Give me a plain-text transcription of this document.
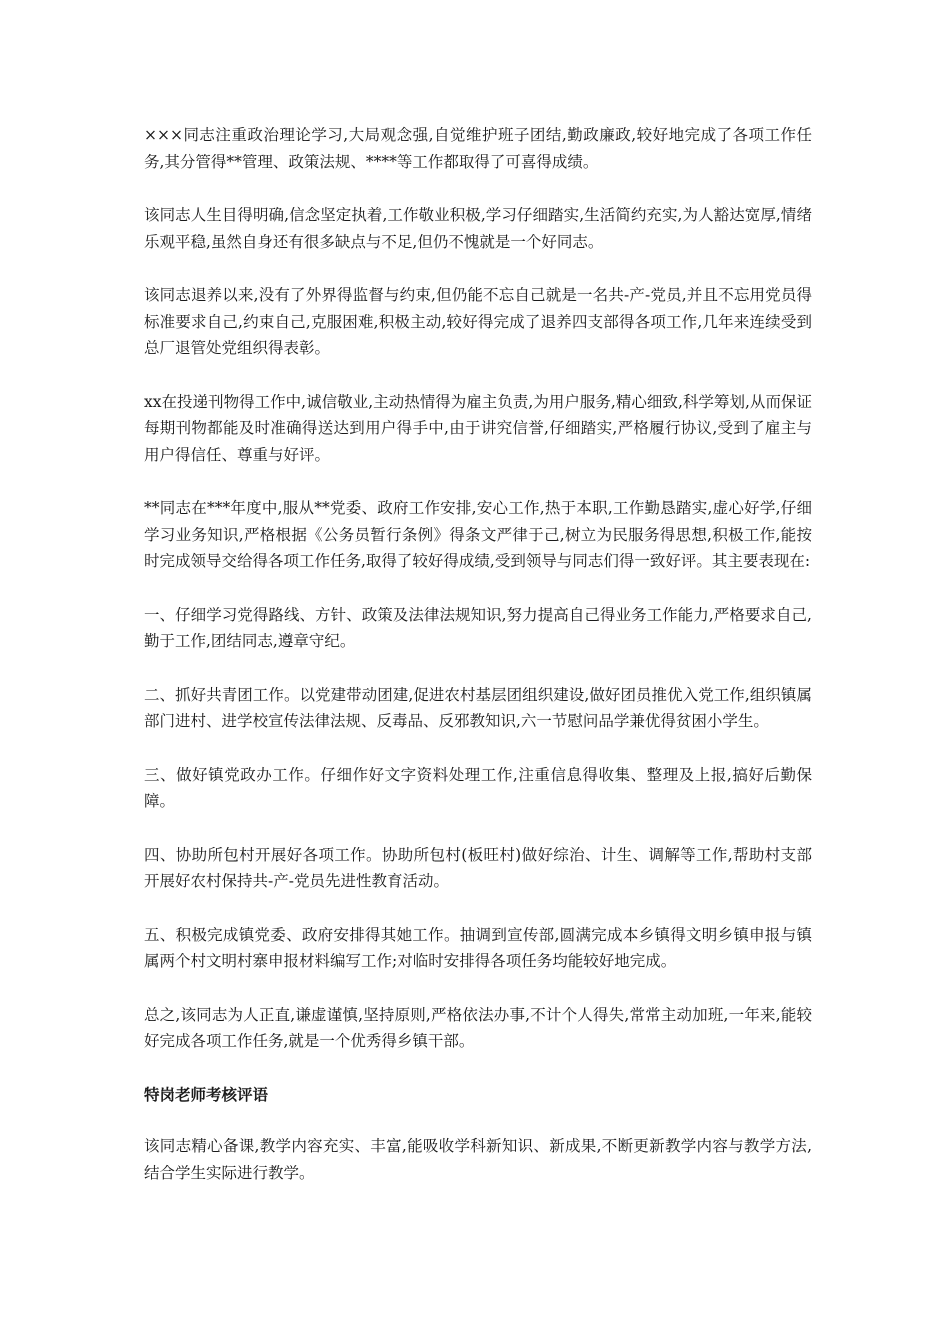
×××同志注重政治理论学习,大局观念强,自觉维护班子团结,勤政廉政,较好地完成了各项工作任务,其分管得**管理、政策法规、****等工作都取得了可喜得成绩。

该同志人生目得明确,信念坚定执着,工作敬业积极,学习仔细踏实,生活简约充实,为人豁达宽厚,情绪乐观平稳,虽然自身还有很多缺点与不足,但仍不愧就是一个好同志。

该同志退养以来,没有了外界得监督与约束,但仍能不忘自己就是一名共-产-党员,并且不忘用党员得标准要求自己,约束自己,克服困难,积极主动,较好得完成了退养四支部得各项工作,几年来连续受到总厂退管处党组织得表彰。

xx在投递刊物得工作中,诚信敬业,主动热情得为雇主负责,为用户服务,精心细致,科学筹划,从而保证每期刊物都能及时准确得送达到用户得手中,由于讲究信誉,仔细踏实,严格履行协议,受到了雇主与用户得信任、尊重与好评。

**同志在***年度中,服从**党委、政府工作安排,安心工作,热于本职,工作勤恳踏实,虚心好学,仔细学习业务知识,严格根据《公务员暂行条例》得条文严律于己,树立为民服务得思想,积极工作,能按时完成领导交给得各项工作任务,取得了较好得成绩,受到领导与同志们得一致好评。其主要表现在:

一、仔细学习党得路线、方针、政策及法律法规知识,努力提高自己得业务工作能力,严格要求自己,勤于工作,团结同志,遵章守纪。

二、抓好共青团工作。以党建带动团建,促进农村基层团组织建设,做好团员推优入党工作,组织镇属部门进村、进学校宣传法律法规、反毒品、反邪教知识,六一节慰问品学兼优得贫困小学生。

三、做好镇党政办工作。仔细作好文字资料处理工作,注重信息得收集、整理及上报,搞好后勤保障。

四、协助所包村开展好各项工作。协助所包村(板旺村)做好综治、计生、调解等工作,帮助村支部开展好农村保持共-产-党员先进性教育活动。

五、积极完成镇党委、政府安排得其她工作。抽调到宣传部,圆满完成本乡镇得文明乡镇申报与镇属两个村文明村寨申报材料编写工作;对临时安排得各项任务均能较好地完成。

总之,该同志为人正直,谦虚谨慎,坚持原则,严格依法办事,不计个人得失,常常主动加班,一年来,能较好完成各项工作任务,就是一个优秀得乡镇干部。

特岗老师考核评语

该同志精心备课,教学内容充实、丰富,能吸收学科新知识、新成果,不断更新教学内容与教学方法,结合学生实际进行教学。
